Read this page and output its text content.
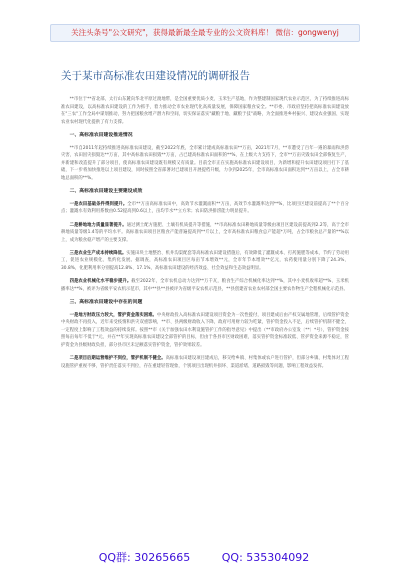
关注头条号"公文研究"，获得最新最全最专业的公文资料库！ 微信：gongwenyj
关于某市高标准农田建设情况的调研报告

**市位于**省北部，太行山东麓向华北平原过渡地带，是全国重要优质小麦、玉米生产基地，作为整建制国家现代农业示范区，为了持续推进高标准农田建设，以高标准农田建设的工作为抓手，着力推动全市农业现代化高质量发展，保障国家粮食安全。**市委、市政府坚持把高标准农田建设放在"三农"工作全局中谋划推动，努力把国粮食增产潜力和空间，切实保证落实"藏粮于地、藏粮于技"战略，为全面推进乡村振兴、建设农业强国、实现农业农村现代化提供了有力支撑。

一、高标准农田建设推进情况

**市自2011年起持续推进高标准农田建设，截至2022年底，全市累计建成高标准农田**万亩，2021年7月，**市遭受了百年一遇的暴雨和洪涝灾害，农田因灾损毁达**万亩，其中高标准农田损毁**万亩，占已建高标准农田面积的**%，在上级大力支持下，全市**万亩灾毁农田全部恢复生产，并新建和改造提升了部分项目，使高标准农田建设既有规模又有质量。目前全市正在实施高标准农田建设项目，为新增和提升农田建设项目打下了基础，下一步将加快推进以上项目建设，同时按照全省部署对已建项目开展提档升级，力争到2025年，全市高标准农田面积达到**万亩以上，占全市耕地总面积的**%。

二、高标准农田建设主要建设成效

一是农田基础条件得到提升。全市**万亩高标准农田中，高效节水灌溉面积**万亩，高效节水灌溉率达到**%，比项目区建设前提高了**个百分点；灌溉水有效利用系数由0.52提高到0.6以上，亩均节水**立方米；农田防洪排涝能力明显提升。

二是耕地地力质量显著提升。通过测土配方施肥、土壤有机质提升等措施，**市高标准农田耕地质量等级由项目区建设前提高到2.2等，高于全市耕地质量等级1.4等的平均水平。高标准农田项目区粮食产能普遍提高到**斤以上，全市高标准农田粮食总产能超*万吨，占全市粮食总产量的**%以上，成为粮食稳产增产的主要支撑。

三是农业生产成本持续降低。实施田块土地整治、机井沟渠配套等高标准农田建设措施后，有效降低了灌溉成本、打药施肥等成本，节约了劳动用工，促进农业规模化、集约化发展。据调查，高标准农田项目区每亩节本增效**元，全市年节本增效**亿元，农药使用量分别下降了24.3%、30.8%，化肥利用率分别提高12.8%、17.1%，高标准农田建设的经济效益、社会效益和生态效益明显。

四是农业机械化水平稳步提升。截至2022年，全市农机总动力达到**万千瓦，粮食生产综合机械化率达到**%，其中小麦机收率超**%、玉米机播率达**%，被评为省级平安农机示范市，其中**县**县被评为省级平安农机示范县，**县创建省农业农村部全国主要农作物生产全程机械化示范县。

三、高标准农田建设中存在的问题

一是地方财政压力较大，管护资金落实困难。中央财政投入高标准农田建设项目资金为一次性拨付，项目建成后由产权交属地管理，后续管护资金中央财政不再投入，近年来受疫情和洪灾双重影响，**市、县两级财政收入下降，政府可用财力较为吃紧，管护资金投入不足，后续管护机制不健全，一定程度上影响了工程效益的持续发挥。按照**市《关于加强农田水利设施管护工作的指导意见》中提出（**市政府办公室发〔**〕*号），管护资金按照每亩每年不低于*元、并在**年实现高标准农田建设全部管护的目标，但由于各县市区财政困难，落实管护资金标准较低、管护资金来源不稳定，管护资金为县级财政负担，部分县市区未足额落实管护资金，管护效果较差。

二是项目后期运营维护不到位，管护机制不健全。高标准农田建设项目建成后，移交给乡镇、村集体或农户进行管护，但部分乡镇、村集体对工程设施管护重视不够，管护责任落实不到位，存在重建轻管现象，个别项目出现机井损坏、渠道淤堵、道路损毁等问题，影响工程效益发挥。

QQ群: 30265665	QQ: 535304092
